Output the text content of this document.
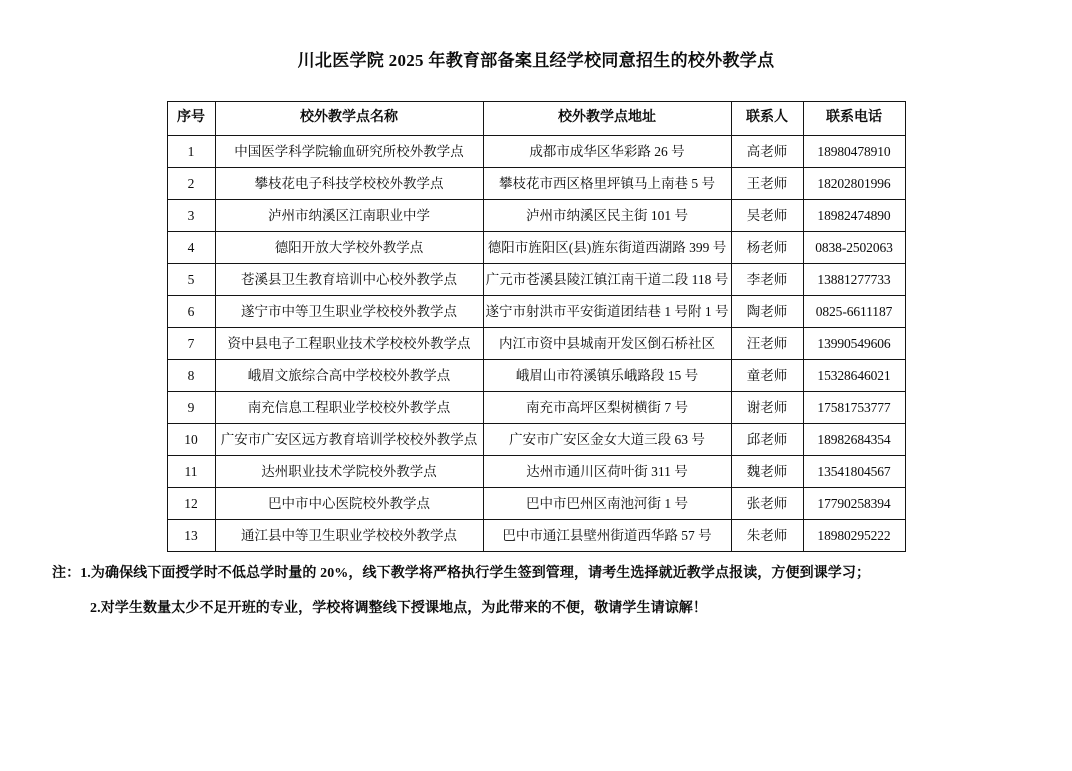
川北医学院 2025 年教育部备案且经学校同意招生的校外教学点
序号	校外教学点名称	校外教学点地址	联系人	联系电话
1	中国医学科学院输血研究所校外教学点	成都市成华区华彩路 26 号	高老师	18980478910
2	攀枝花电子科技学校校外教学点	攀枝花市西区格里坪镇马上南巷 5 号	王老师	18202801996
3	泸州市纳溪区江南职业中学	泸州市纳溪区民主街 101 号	吴老师	18982474890
4	德阳开放大学校外教学点	德阳市旌阳区(县)旌东街道西湖路 399 号	杨老师	0838-2502063
5	苍溪县卫生教育培训中心校外教学点	广元市苍溪县陵江镇江南干道二段 118 号	李老师	13881277733
6	遂宁市中等卫生职业学校校外教学点	遂宁市射洪市平安街道团结巷 1 号附 1 号	陶老师	0825-6611187
7	资中县电子工程职业技术学校校外教学点	内江市资中县城南开发区倒石桥社区	汪老师	13990549606
8	峨眉文旅综合高中学校校外教学点	峨眉山市符溪镇乐峨路段 15 号	童老师	15328646021
9	南充信息工程职业学校校外教学点	南充市高坪区梨树横街 7 号	谢老师	17581753777
10	广安市广安区远方教育培训学校校外教学点	广安市广安区金女大道三段 63 号	邱老师	18982684354
11	达州职业技术学院校外教学点	达州市通川区荷叶街 311 号	魏老师	13541804567
12	巴中市中心医院校外教学点	巴中市巴州区南池河街 1 号	张老师	17790258394
13	通江县中等卫生职业学校校外教学点	巴中市通江县壁州街道西华路 57 号	朱老师	18980295222
注：1.为确保线下面授学时不低总学时量的 20%，线下教学将严格执行学生签到管理，请考生选择就近教学点报读，方便到课学习；
2.对学生数量太少不足开班的专业，学校将调整线下授课地点，为此带来的不便，敬请学生请谅解！
